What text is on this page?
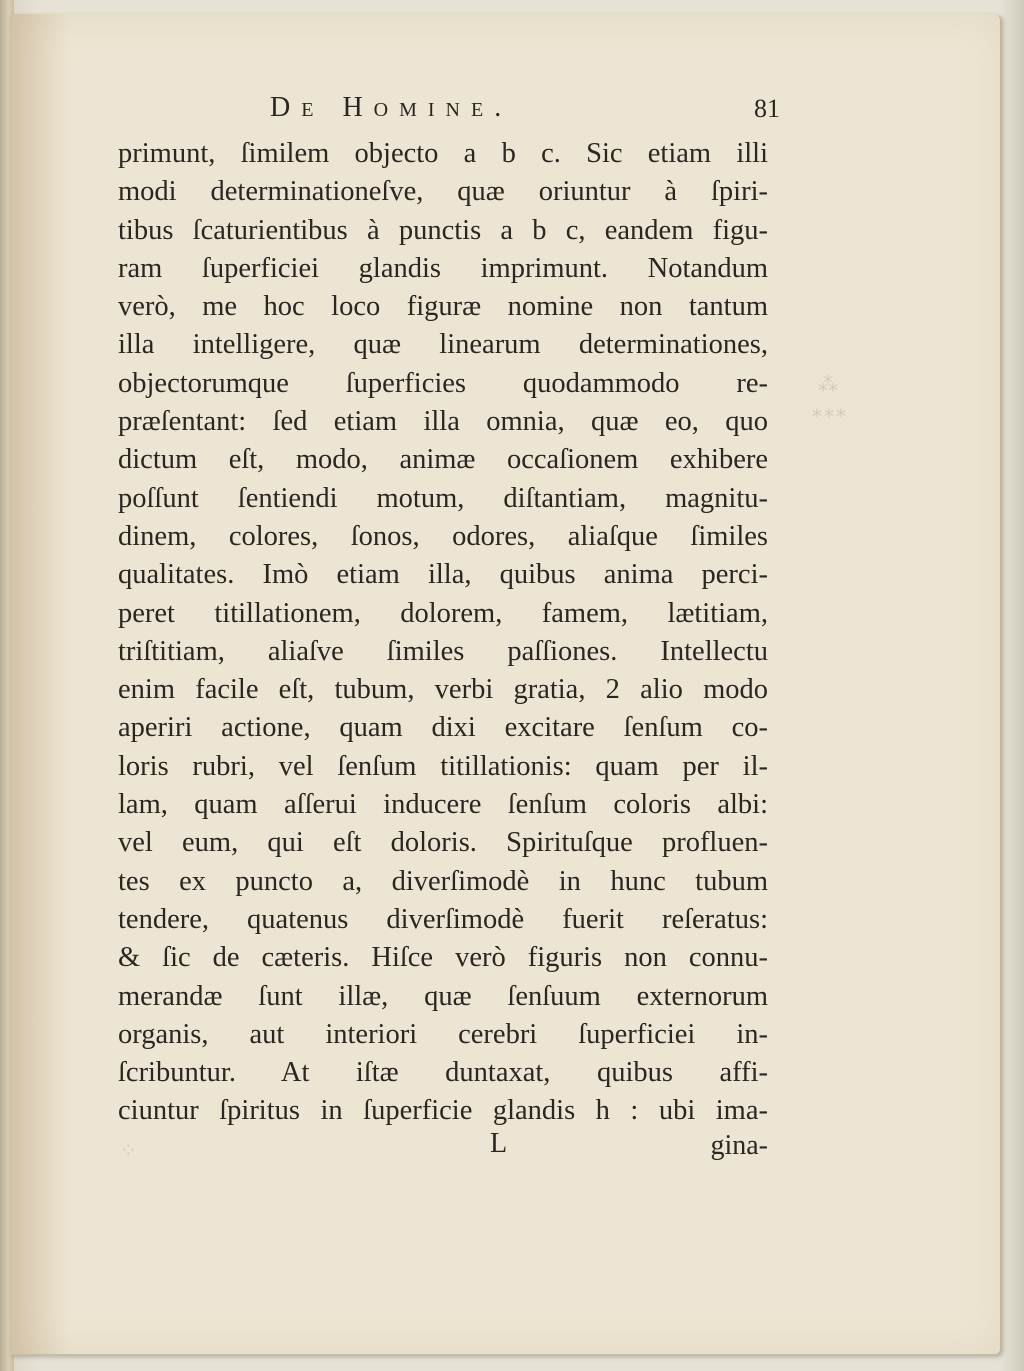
De Homine.	81
primunt, ſimilem objecto a b c. Sic etiam illi
modi determinationeſve, quæ oriuntur à ſpiri-
tibus ſcaturientibus à punctis a b c, eandem figu-
ram ſuperficiei glandis imprimunt. Notandum
verò, me hoc loco figuræ nomine non tantum
illa intelligere, quæ linearum determinationes,
objectorumque ſuperficies quodammodo re-
præſentant: ſed etiam illa omnia, quæ eo, quo
dictum eſt, modo, animæ occaſionem exhibere
poſſunt ſentiendi motum, diſtantiam, magnitu-
dinem, colores, ſonos, odores, aliaſque ſimiles
qualitates. Imò etiam illa, quibus anima perci-
peret titillationem, dolorem, famem, lætitiam,
triſtitiam, aliaſve ſimiles paſſiones. Intellectu
enim facile eſt, tubum, verbi gratia, 2 alio modo
aperiri actione, quam dixi excitare ſenſum co-
loris rubri, vel ſenſum titillationis: quam per il-
lam, quam aſſerui inducere ſenſum coloris albi:
vel eum, qui eſt doloris. Spirituſque profluen-
tes ex puncto a, diverſimodè in hunc tubum
tendere, quatenus diverſimodè fuerit reſeratus:
& ſic de cæteris. Hiſce verò figuris non connu-
merandæ ſunt illæ, quæ ſenſuum externorum
organis, aut interiori cerebri ſuperficiei in-
ſcribuntur. At iſtæ duntaxat, quibus affi-
ciuntur ſpiritus in ſuperficie glandis h : ubi ima-
L	gina-
⁂
⁎⁎⁎
⁘
